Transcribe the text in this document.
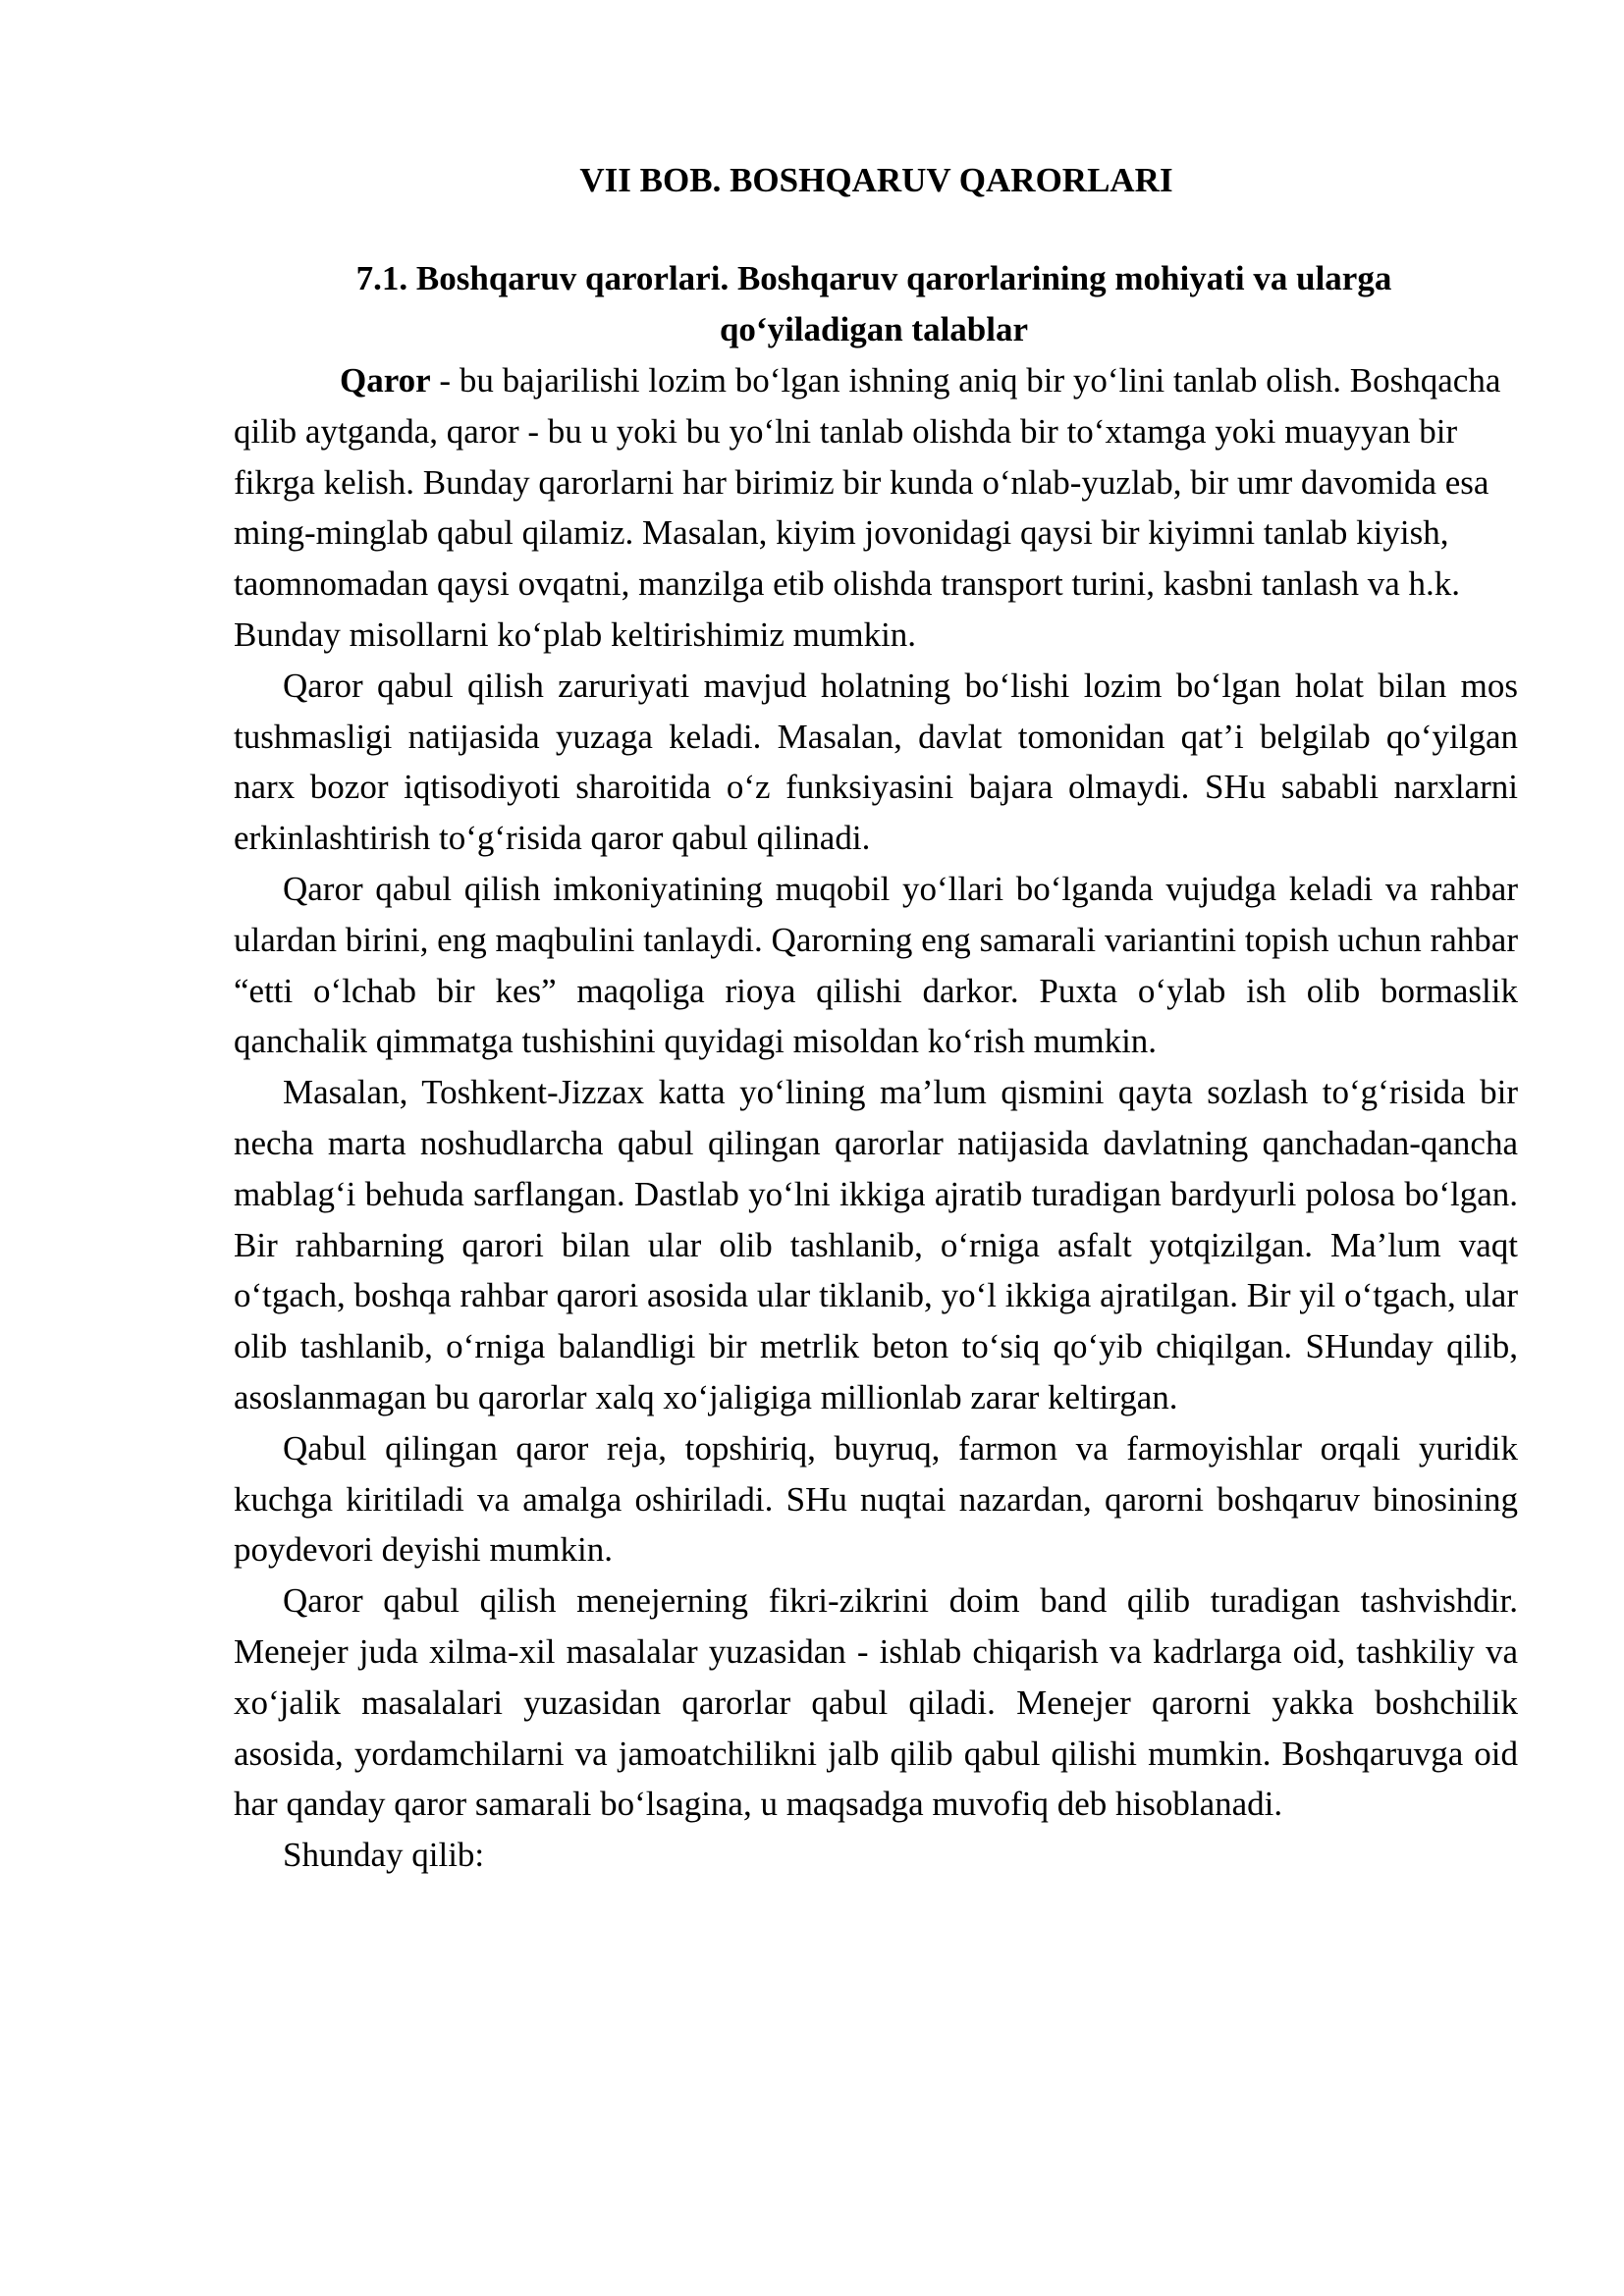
VII BOB. BOSHQARUV QARORLARI
7.1. Boshqaruv qarorlari. Boshqaruv qarorlarining mohiyati va ularga qo‘yiladigan talablar

Qaror - bu bajarilishi lozim bo‘lgan ishning aniq bir yo‘lini tanlab olish. Boshqacha qilib aytganda, qaror - bu u yoki bu yo‘lni tanlab olishda bir to‘xtamga yoki muayyan bir fikrga kelish. Bunday qarorlarni har birimiz bir kunda o‘nlab-yuzlab, bir umr davomida esa ming-minglab qabul qilamiz. Masalan, kiyim jovonidagi qaysi bir kiyimni tanlab kiyish, taomnomadan qaysi ovqatni, manzilga etib olishda transport turini, kasbni tanlash va h.k. Bunday misollarni ko‘plab keltirishimiz mumkin.

Qaror qabul qilish zaruriyati mavjud holatning bo‘lishi lozim bo‘lgan holat bilan mos tushmasligi natijasida yuzaga keladi. Masalan, davlat tomonidan qat’i belgilab qo‘yilgan narx bozor iqtisodiyoti sharoitida o‘z funksiyasini bajara olmaydi. SHu sababli narxlarni erkinlashtirish to‘g‘risida qaror qabul qilinadi.

Qaror qabul qilish imkoniyatining muqobil yo‘llari bo‘lganda vujudga keladi va rahbar ulardan birini, eng maqbulini tanlaydi. Qarorning eng samarali variantini topish uchun rahbar “etti o‘lchab bir kes” maqoliga rioya qilishi darkor. Puxta o‘ylab ish olib bormaslik qanchalik qimmatga tushishini quyidagi misoldan ko‘rish mumkin.

Masalan, Toshkent-Jizzax katta yo‘lining ma’lum qismini qayta sozlash to‘g‘risida bir necha marta noshudlarcha qabul qilingan qarorlar natijasida davlatning qanchadan-qancha mablag‘i behuda sarflangan. Dastlab yo‘lni ikkiga ajratib turadigan bardyurli polosa bo‘lgan. Bir rahbarning qarori bilan ular olib tashlanib, o‘rniga asfalt yotqizilgan. Ma’lum vaqt o‘tgach, boshqa rahbar qarori asosida ular tiklanib, yo‘l ikkiga ajratilgan. Bir yil o‘tgach, ular olib tashlanib, o‘rniga balandligi bir metrlik beton to‘siq qo‘yib chiqilgan. SHunday qilib, asoslanmagan bu qarorlar xalq xo‘jaligiga millionlab zarar keltirgan.

Qabul qilingan qaror reja, topshiriq, buyruq, farmon va farmoyishlar orqali yuridik kuchga kiritiladi va amalga oshiriladi. SHu nuqtai nazardan, qarorni boshqaruv binosining poydevori deyishi mumkin.

Qaror qabul qilish menejerning fikri-zikrini doim band qilib turadigan tashvishdir. Menejer juda xilma-xil masalalar yuzasidan - ishlab chiqarish va kadrlarga oid, tashkiliy va xo‘jalik masalalari yuzasidan qarorlar qabul qiladi. Menejer qarorni yakka boshchilik asosida, yordamchilarni va jamoatchilikni jalb qilib qabul qilishi mumkin. Boshqaruvga oid har qanday qaror samarali bo‘lsagina, u maqsadga muvofiq deb hisoblanadi.

Shunday qilib:
